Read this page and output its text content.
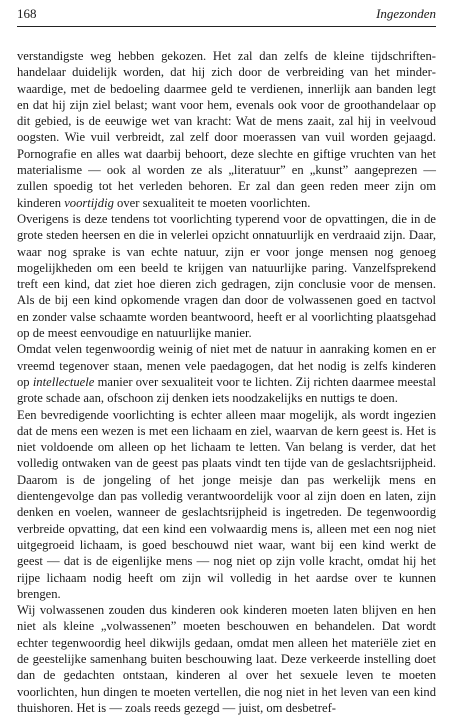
168	Ingezonden

verstandigste weg hebben gekozen. Het zal dan zelfs de kleine tijdschriftenhandelaar duidelijk worden, dat hij zich door de verbreiding van het minderwaardige, met de bedoeling daarmee geld te verdienen, innerlijk aan banden legt en dat hij zijn ziel belast; want voor hem, evenals ook voor de groothandelaar op dit gebied, is de eeuwige wet van kracht: Wat de mens zaait, zal hij in veelvoud oogsten. Wie vuil verbreidt, zal zelf door moerassen van vuil worden gejaagd. Pornografie en alles wat daarbij behoort, deze slechte en giftige vruchten van het materialisme — ook al worden ze als „literatuur” en „kunst” aangeprezen — zullen spoedig tot het verleden behoren. Er zal dan geen reden meer zijn om kinderen voortijdig over sexualiteit te moeten voorlichten.

Overigens is deze tendens tot voorlichting typerend voor de opvattingen, die in de grote steden heersen en die in velerlei opzicht onnatuurlijk en verdraaid zijn. Daar, waar nog sprake is van echte natuur, zijn er voor jonge mensen nog genoeg mogelijkheden om een beeld te krijgen van natuurlijke paring. Vanzelfsprekend treft een kind, dat ziet hoe dieren zich gedragen, zijn conclusie voor de mensen. Als de bij een kind opkomende vragen dan door de volwassenen goed en tactvol en zonder valse schaamte worden beantwoord, heeft er al voorlichting plaatsgehad op de meest eenvoudige en natuurlijke manier.

Omdat velen tegenwoordig weinig of niet met de natuur in aanraking komen en er vreemd tegenover staan, menen vele paedagogen, dat het nodig is zelfs kinderen op intellectuele manier over sexualiteit voor te lichten. Zij richten daarmee meestal grote schade aan, ofschoon zij denken iets noodzakelijks en nuttigs te doen.

Een bevredigende voorlichting is echter alleen maar mogelijk, als wordt ingezien dat de mens een wezen is met een lichaam en ziel, waarvan de kern geest is. Het is niet voldoende om alleen op het lichaam te letten. Van belang is verder, dat het volledig ontwaken van de geest pas plaats vindt ten tijde van de geslachtsrijpheid. Daarom is de jongeling of het jonge meisje dan pas werkelijk mens en dientengevolge dan pas volledig verantwoordelijk voor al zijn doen en laten, zijn denken en voelen, wanneer de geslachtsrijpheid is ingetreden. De tegenwoordig verbreide opvatting, dat een kind een volwaardig mens is, alleen met een nog niet uitgegroeid lichaam, is goed beschouwd niet waar, want bij een kind werkt de geest — dat is de eigenlijke mens — nog niet op zijn volle kracht, omdat hij het rijpe lichaam nodig heeft om zijn wil volledig in het aardse over te kunnen brengen.

Wij volwassenen zouden dus kinderen ook kinderen moeten laten blijven en hen niet als kleine „volwassenen” moeten beschouwen en behandelen. Dat wordt echter tegenwoordig heel dikwijls gedaan, omdat men alleen het materiële ziet en de geestelijke samenhang buiten beschouwing laat. Deze verkeerde instelling doet dan de gedachten ontstaan, kinderen al over het sexuele leven te moeten voorlichten, hun dingen te moeten vertellen, die nog niet in het leven van een kind thuishoren. Het is — zoals reeds gezegd — juist, om desbetref-
